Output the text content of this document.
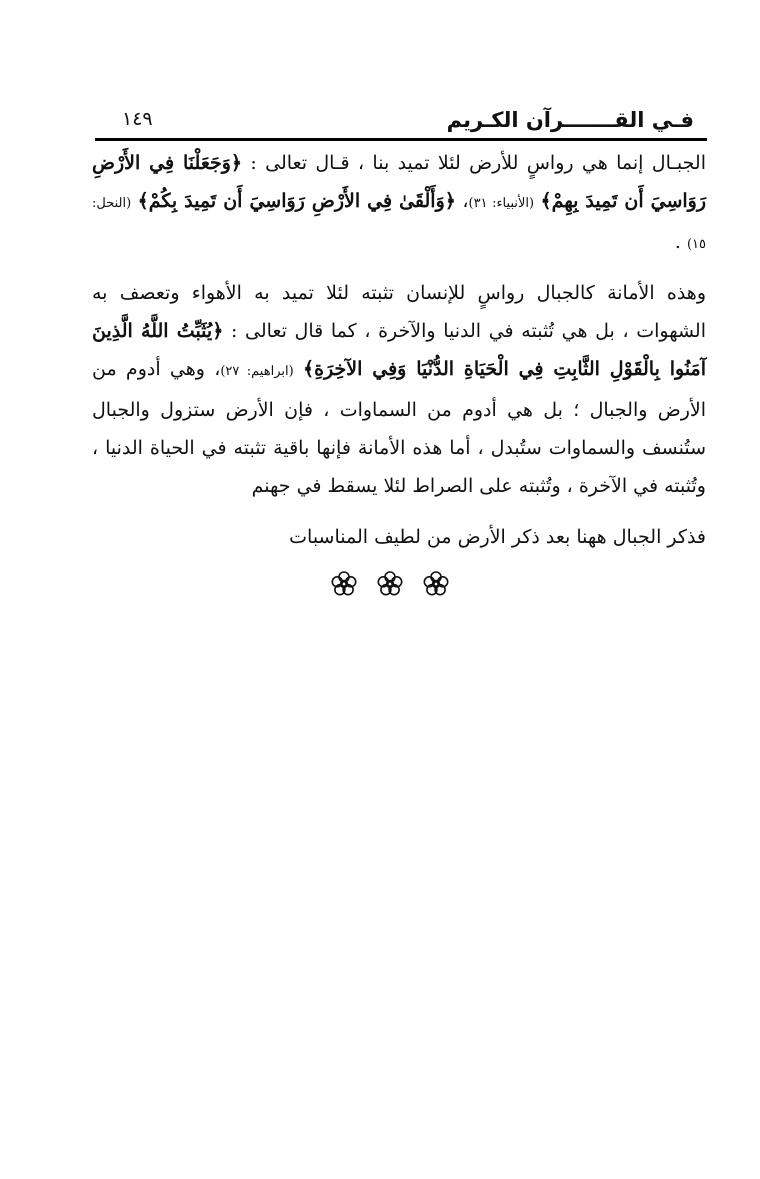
فـي القـــــــرآن الكـريم
١٤٩
الجبـال إنما هي رواسٍ للأرض لئلا تميد بنا ، قـال تعالى : ﴿وَجَعَلْنَا فِي الأَرْضِ رَوَاسِيَ أَن تَمِيدَ بِهِمْ﴾ (الأنبياء: ٣١)، ﴿وَأَلْقَىٰ فِي الأَرْضِ رَوَاسِيَ أَن تَمِيدَ بِكُمْ﴾ (النحل: ١٥) .
وهذه الأمانة كالجبال رواسٍ للإنسان تثبته لئلا تميد به الأهواء وتعصف به الشهوات ، بل هي تُثبته في الدنيا والآخرة ، كما قال تعالى : ﴿يُثَبِّتُ اللَّهُ الَّذِينَ آمَنُوا بِالْقَوْلِ الثَّابِتِ فِي الْحَيَاةِ الدُّنْيَا وَفِي الآخِرَةِ﴾ (ابراهيم: ٢٧)، وهي أدوم من الأرض والجبال ؛ بل هي أدوم من السماوات ، فإن الأرض ستزول والجبال ستُنسف والسماوات ستُبدل ، أما هذه الأمانة فإنها باقية تثبته في الحياة الدنيا ، وتُثبته في الآخرة ، وتُثبته على الصراط لئلا يسقط في جهنم
فذكر الجبال ههنا بعد ذكر الأرض من لطيف المناسبات
